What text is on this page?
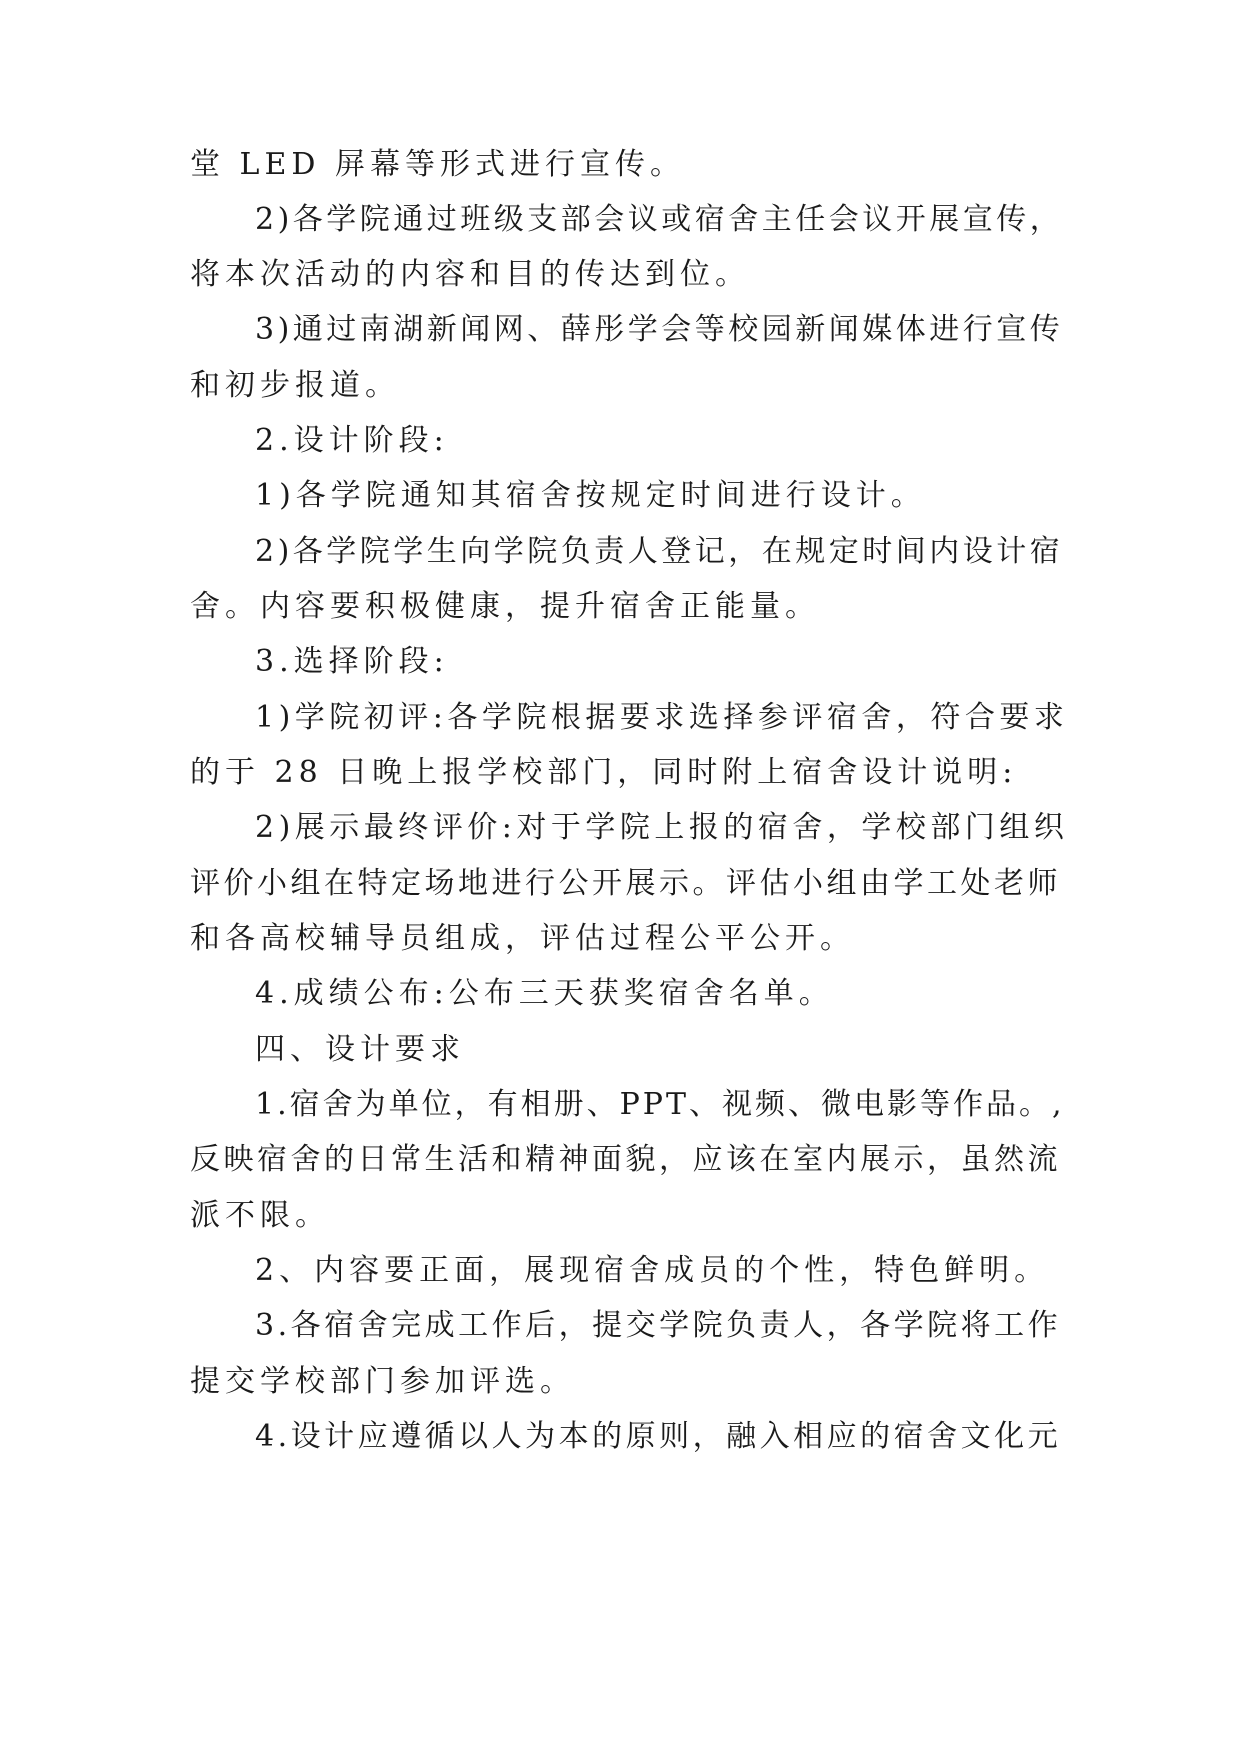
堂 LED 屏幕等形式进行宣传。
2)各学院通过班级支部会议或宿舍主任会议开展宣传，
将本次活动的内容和目的传达到位。
3)通过南湖新闻网、薛彤学会等校园新闻媒体进行宣传
和初步报道。
2.设计阶段:
1)各学院通知其宿舍按规定时间进行设计。
2)各学院学生向学院负责人登记，在规定时间内设计宿
舍。内容要积极健康，提升宿舍正能量。
3.选择阶段:
1)学院初评:各学院根据要求选择参评宿舍，符合要求
的于 28 日晚上报学校部门，同时附上宿舍设计说明:
2)展示最终评价:对于学院上报的宿舍，学校部门组织
评价小组在特定场地进行公开展示。评估小组由学工处老师
和各高校辅导员组成，评估过程公平公开。
4.成绩公布:公布三天获奖宿舍名单。
四、设计要求
1.宿舍为单位，有相册、PPT、视频、微电影等作品。,
反映宿舍的日常生活和精神面貌，应该在室内展示，虽然流
派不限。
2、内容要正面，展现宿舍成员的个性，特色鲜明。
3.各宿舍完成工作后，提交学院负责人，各学院将工作
提交学校部门参加评选。
4.设计应遵循以人为本的原则，融入相应的宿舍文化元
